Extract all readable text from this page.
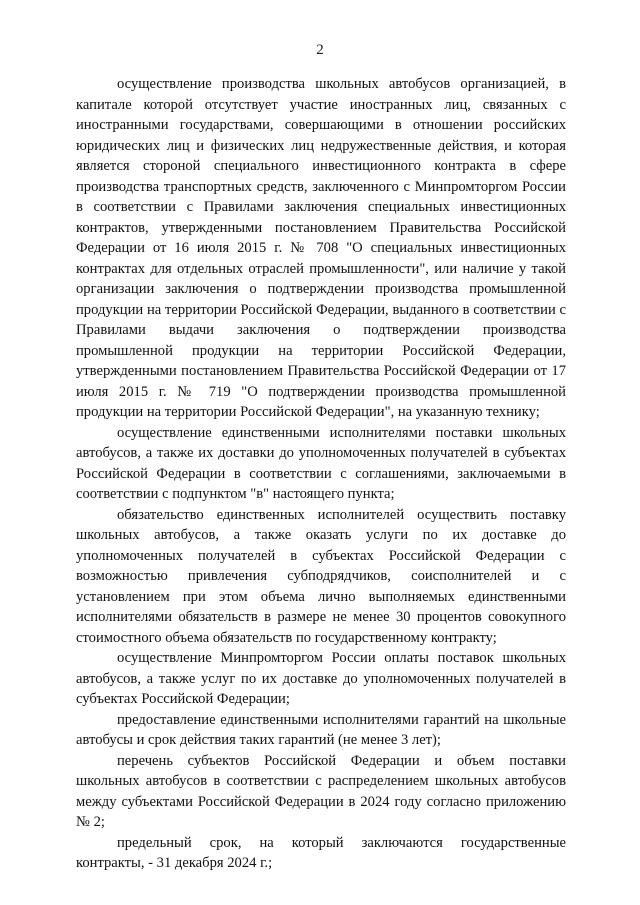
2

осуществление производства школьных автобусов организацией, в капитале которой отсутствует участие иностранных лиц, связанных с иностранными государствами, совершающими в отношении российских юридических лиц и физических лиц недружественные действия, и которая является стороной специального инвестиционного контракта в сфере производства транспортных средств, заключенного с Минпромторгом России в соответствии с Правилами заключения специальных инвестиционных контрактов, утвержденными постановлением Правительства Российской Федерации от 16 июля 2015 г. № 708 "О специальных инвестиционных контрактах для отдельных отраслей промышленности", или наличие у такой организации заключения о подтверждении производства промышленной продукции на территории Российской Федерации, выданного в соответствии с Правилами выдачи заключения о подтверждении производства промышленной продукции на территории Российской Федерации, утвержденными постановлением Правительства Российской Федерации от 17 июля 2015 г. № 719 "О подтверждении производства промышленной продукции на территории Российской Федерации", на указанную технику;

осуществление единственными исполнителями поставки школьных автобусов, а также их доставки до уполномоченных получателей в субъектах Российской Федерации в соответствии с соглашениями, заключаемыми в соответствии с подпунктом "в" настоящего пункта;

обязательство единственных исполнителей осуществить поставку школьных автобусов, а также оказать услуги по их доставке до уполномоченных получателей в субъектах Российской Федерации с возможностью привлечения субподрядчиков, соисполнителей и с установлением при этом объема лично выполняемых единственными исполнителями обязательств в размере не менее 30 процентов совокупного стоимостного объема обязательств по государственному контракту;

осуществление Минпромторгом России оплаты поставок школьных автобусов, а также услуг по их доставке до уполномоченных получателей в субъектах Российской Федерации;

предоставление единственными исполнителями гарантий на школьные автобусы и срок действия таких гарантий (не менее 3 лет);

перечень субъектов Российской Федерации и объем поставки школьных автобусов в соответствии с распределением школьных автобусов между субъектами Российской Федерации в 2024 году согласно приложению № 2;

предельный срок, на который заключаются государственные контракты, - 31 декабря 2024 г.;
